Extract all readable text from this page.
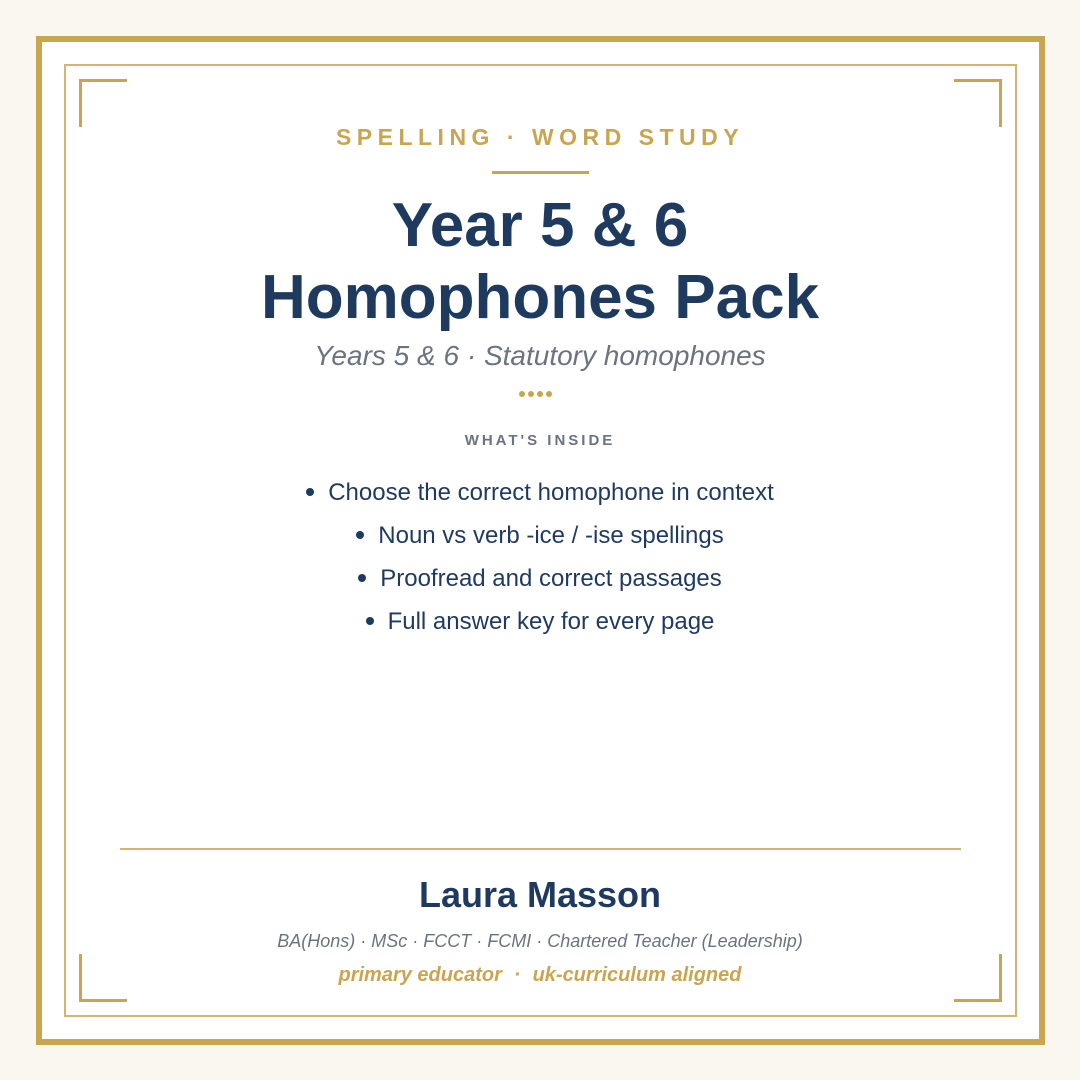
SPELLING · WORD STUDY
Year 5 & 6
Homophones Pack
Years 5 & 6 · Statutory homophones
WHAT'S INSIDE
Choose the correct homophone in context
Noun vs verb -ice / -ise spellings
Proofread and correct passages
Full answer key for every page
Laura Masson
BA(Hons) · MSc · FCCT · FCMI · Chartered Teacher (Leadership)
primary educator · uk-curriculum aligned
